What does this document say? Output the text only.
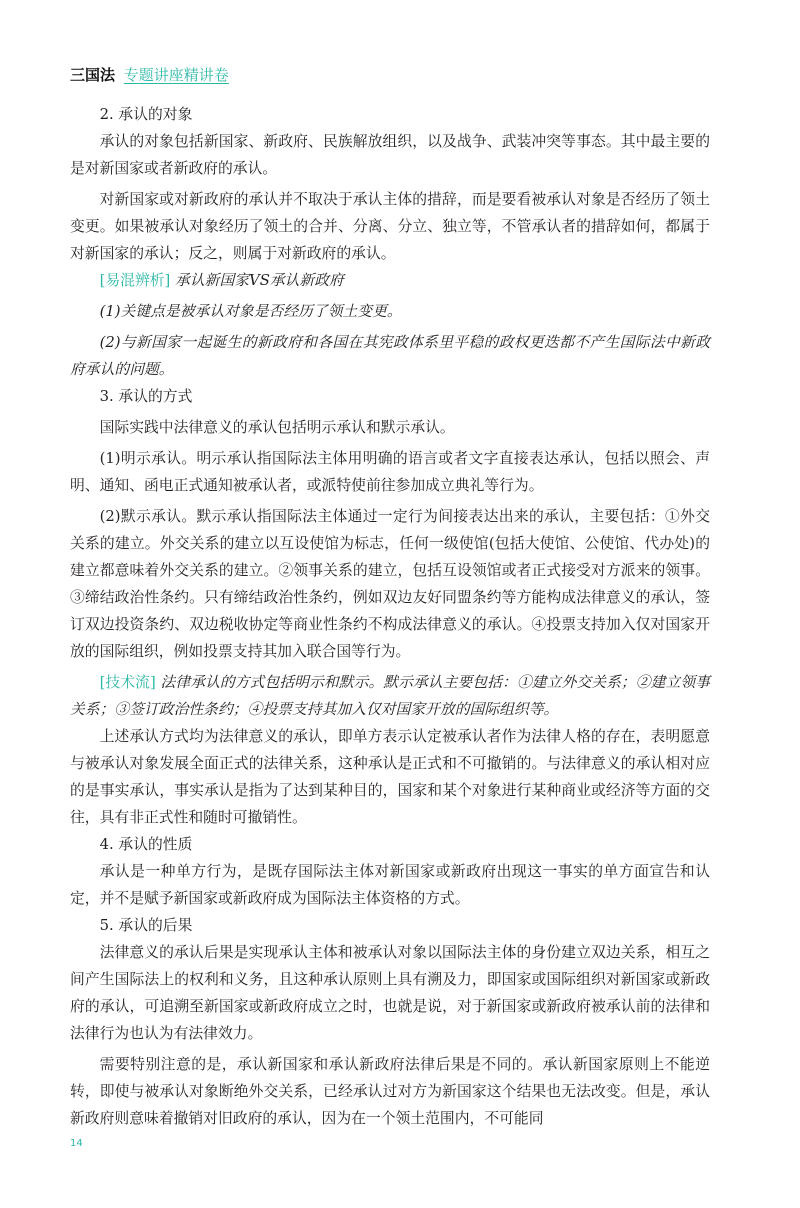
三国法 专题讲座精讲卷

2. 承认的对象

承认的对象包括新国家、新政府、民族解放组织，以及战争、武装冲突等事态。其中最主要的是对新国家或者新政府的承认。

对新国家或对新政府的承认并不取决于承认主体的措辞，而是要看被承认对象是否经历了领土变更。如果被承认对象经历了领土的合并、分离、分立、独立等，不管承认者的措辞如何，都属于对新国家的承认；反之，则属于对新政府的承认。

[易混辨析] 承认新国家VS承认新政府

(1)关键点是被承认对象是否经历了领土变更。

(2)与新国家一起诞生的新政府和各国在其宪政体系里平稳的政权更迭都不产生国际法中新政府承认的问题。

3. 承认的方式

国际实践中法律意义的承认包括明示承认和默示承认。

(1)明示承认。明示承认指国际法主体用明确的语言或者文字直接表达承认，包括以照会、声明、通知、函电正式通知被承认者，或派特使前往参加成立典礼等行为。

(2)默示承认。默示承认指国际法主体通过一定行为间接表达出来的承认，主要包括：①外交关系的建立。外交关系的建立以互设使馆为标志，任何一级使馆(包括大使馆、公使馆、代办处)的建立都意味着外交关系的建立。②领事关系的建立，包括互设领馆或者正式接受对方派来的领事。③缔结政治性条约。只有缔结政治性条约，例如双边友好同盟条约等方能构成法律意义的承认，签订双边投资条约、双边税收协定等商业性条约不构成法律意义的承认。④投票支持加入仅对国家开放的国际组织，例如投票支持其加入联合国等行为。

[技术流] 法律承认的方式包括明示和默示。默示承认主要包括：①建立外交关系；②建立领事关系；③签订政治性条约；④投票支持其加入仅对国家开放的国际组织等。

上述承认方式均为法律意义的承认，即单方表示认定被承认者作为法律人格的存在，表明愿意与被承认对象发展全面正式的法律关系，这种承认是正式和不可撤销的。与法律意义的承认相对应的是事实承认，事实承认是指为了达到某种目的，国家和某个对象进行某种商业或经济等方面的交往，具有非正式性和随时可撤销性。

4. 承认的性质

承认是一种单方行为，是既存国际法主体对新国家或新政府出现这一事实的单方面宣告和认定，并不是赋予新国家或新政府成为国际法主体资格的方式。

5. 承认的后果

法律意义的承认后果是实现承认主体和被承认对象以国际法主体的身份建立双边关系，相互之间产生国际法上的权利和义务，且这种承认原则上具有溯及力，即国家或国际组织对新国家或新政府的承认，可追溯至新国家或新政府成立之时，也就是说，对于新国家或新政府被承认前的法律和法律行为也认为有法律效力。

需要特别注意的是，承认新国家和承认新政府法律后果是不同的。承认新国家原则上不能逆转，即使与被承认对象断绝外交关系，已经承认过对方为新国家这个结果也无法改变。但是，承认新政府则意味着撤销对旧政府的承认，因为在一个领土范围内，不可能同

14
